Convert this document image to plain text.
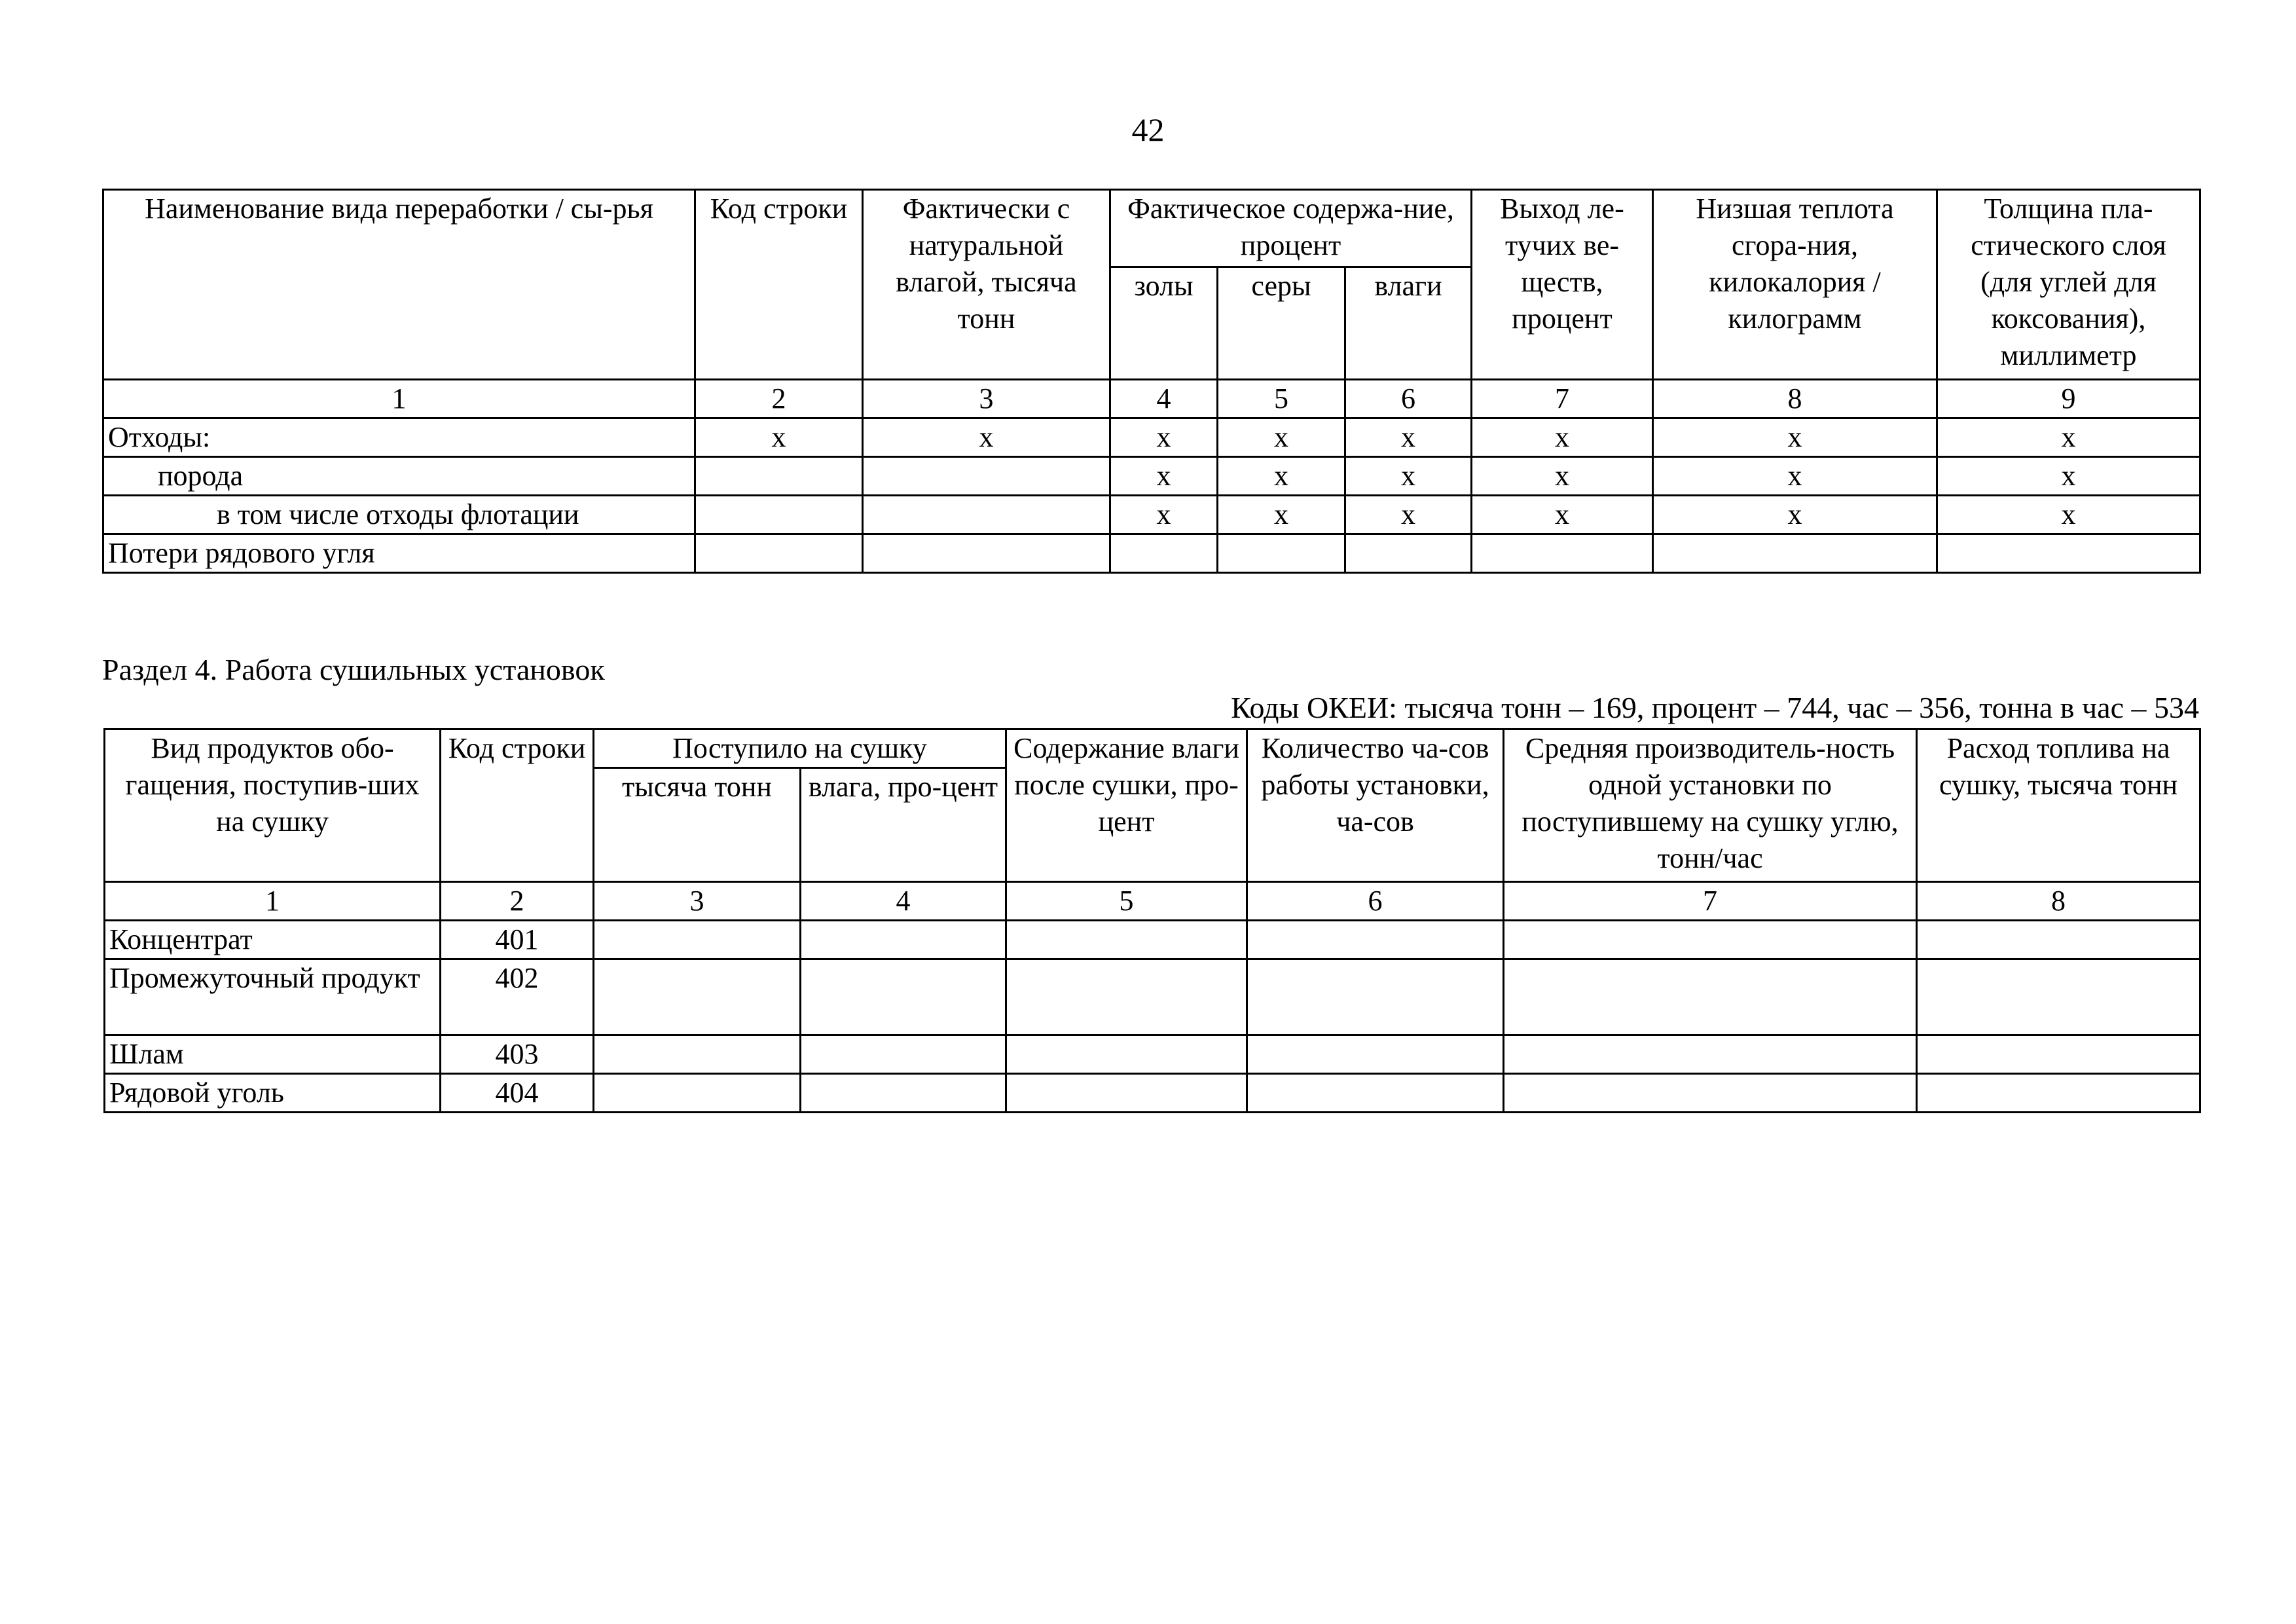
42
Наименование вида переработки / сы-рья	Код строки	Фактически с натуральной влагой, тысяча тонн	Фактическое содержа-ние, процент			Выход ле-тучих ве-ществ, процент	Низшая теплота сгора-ния, килокалория /килограмм	Толщина пла-стического слоя (для углей для коксования), миллиметр
			золы	серы	влаги			
1	2	3	4	5	6	7	8	9
Отходы:	х	х	х	х	х	х	х	х
порода			х	х	х	х	х	х
в том числе отходы флотации			х	х	х	х	х	х
Потери рядового угля								
Раздел 4. Работа сушильных установок
Коды ОКЕИ: тысяча тонн – 169, процент – 744, час – 356, тонна в час – 534
Вид продуктов обо-гащения, поступив-ших на сушку	Код строки	Поступило на сушку		Содержание влаги после сушки, про-цент	Количество ча-сов работы установки, ча-сов	Средняя производитель-ность одной установки по поступившему на сушку углю, тонн/час	Расход топлива на сушку, тысяча тонн
		тысяча тонн	влага, про-цент				
1	2	3	4	5	6	7	8
Концентрат	401						
Промежуточный продукт	402						
Шлам	403						
Рядовой уголь	404						
